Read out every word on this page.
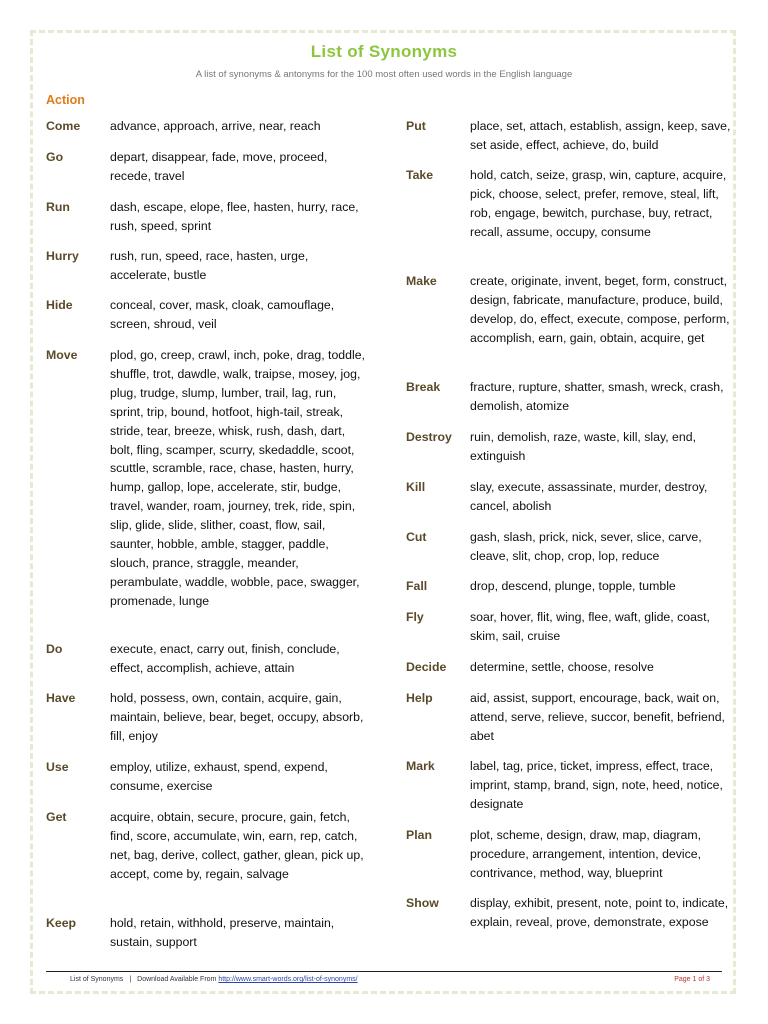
List of Synonyms
A list of synonyms & antonyms for the 100 most often used words in the English language
Action
Come advance, approach, arrive, near, reach
Go	depart, disappear, fade, move, proceed, recede, travel
Run	dash, escape, elope, flee, hasten, hurry, race, rush, speed, sprint
Hurry	rush, run, speed, race, hasten, urge, accelerate, bustle
Hide	conceal, cover, mask, cloak, camouflage, screen, shroud, veil
Move	plod, go, creep, crawl, inch, poke, drag, toddle, shuffle, trot, dawdle, walk, traipse, mosey, jog, plug, trudge, slump, lumber, trail, lag, run, sprint, trip, bound, hotfoot, high-tail, streak, stride, tear, breeze, whisk, rush, dash, dart, bolt, fling, scamper, scurry, skedaddle, scoot, scuttle, scramble, race, chase, hasten, hurry, hump, gallop, lope, accelerate, stir, budge, travel, wander, roam, journey, trek, ride, spin, slip, glide, slide, slither, coast, flow, sail, saunter, hobble, amble, stagger, paddle, slouch, prance, straggle, meander, perambulate, waddle, wobble, pace, swagger, promenade, lunge
Do	execute, enact, carry out, finish, conclude, effect, accomplish, achieve, attain
Have	hold, possess, own, contain, acquire, gain, maintain, believe, bear, beget, occupy, absorb, fill, enjoy
Use	employ, utilize, exhaust, spend, expend, consume, exercise
Get	acquire, obtain, secure, procure, gain, fetch, find, score, accumulate, win, earn, rep, catch, net, bag, derive, collect, gather, glean, pick up, accept, come by, regain, salvage
Keep	hold, retain, withhold, preserve, maintain, sustain, support
Put	place, set, attach, establish, assign, keep, save, set aside, effect, achieve, do, build
Take	hold, catch, seize, grasp, win, capture, acquire, pick, choose, select, prefer, remove, steal, lift, rob, engage, bewitch, purchase, buy, retract, recall, assume, occupy, consume
Make	create, originate, invent, beget, form, construct, design, fabricate, manufacture, produce, build, develop, do, effect, execute, compose, perform, accomplish, earn, gain, obtain, acquire, get
Break fracture, rupture, shatter, smash, wreck, crash, demolish, atomize
Destroy ruin, demolish, raze, waste, kill, slay, end, extinguish
Kill	slay, execute, assassinate, murder, destroy, cancel, abolish
Cut	gash, slash, prick, nick, sever, slice, carve, cleave, slit, chop, crop, lop, reduce
Fall	drop, descend, plunge, topple, tumble
Fly	soar, hover, flit, wing, flee, waft, glide, coast, skim, sail, cruise
Decide determine, settle, choose, resolve
Help	aid, assist, support, encourage, back, wait on, attend, serve, relieve, succor, benefit, befriend, abet
Mark	label, tag, price, ticket, impress, effect, trace, imprint, stamp, brand, sign, note, heed, notice, designate
Plan	plot, scheme, design, draw, map, diagram, procedure, arrangement, intention, device, contrivance, method, way, blueprint
Show	display, exhibit, present, note, point to, indicate, explain, reveal, prove, demonstrate, expose
List of Synonyms | Download Available From http://www.smart-words.org/list-of-synonyms/	Page 1 of 3
